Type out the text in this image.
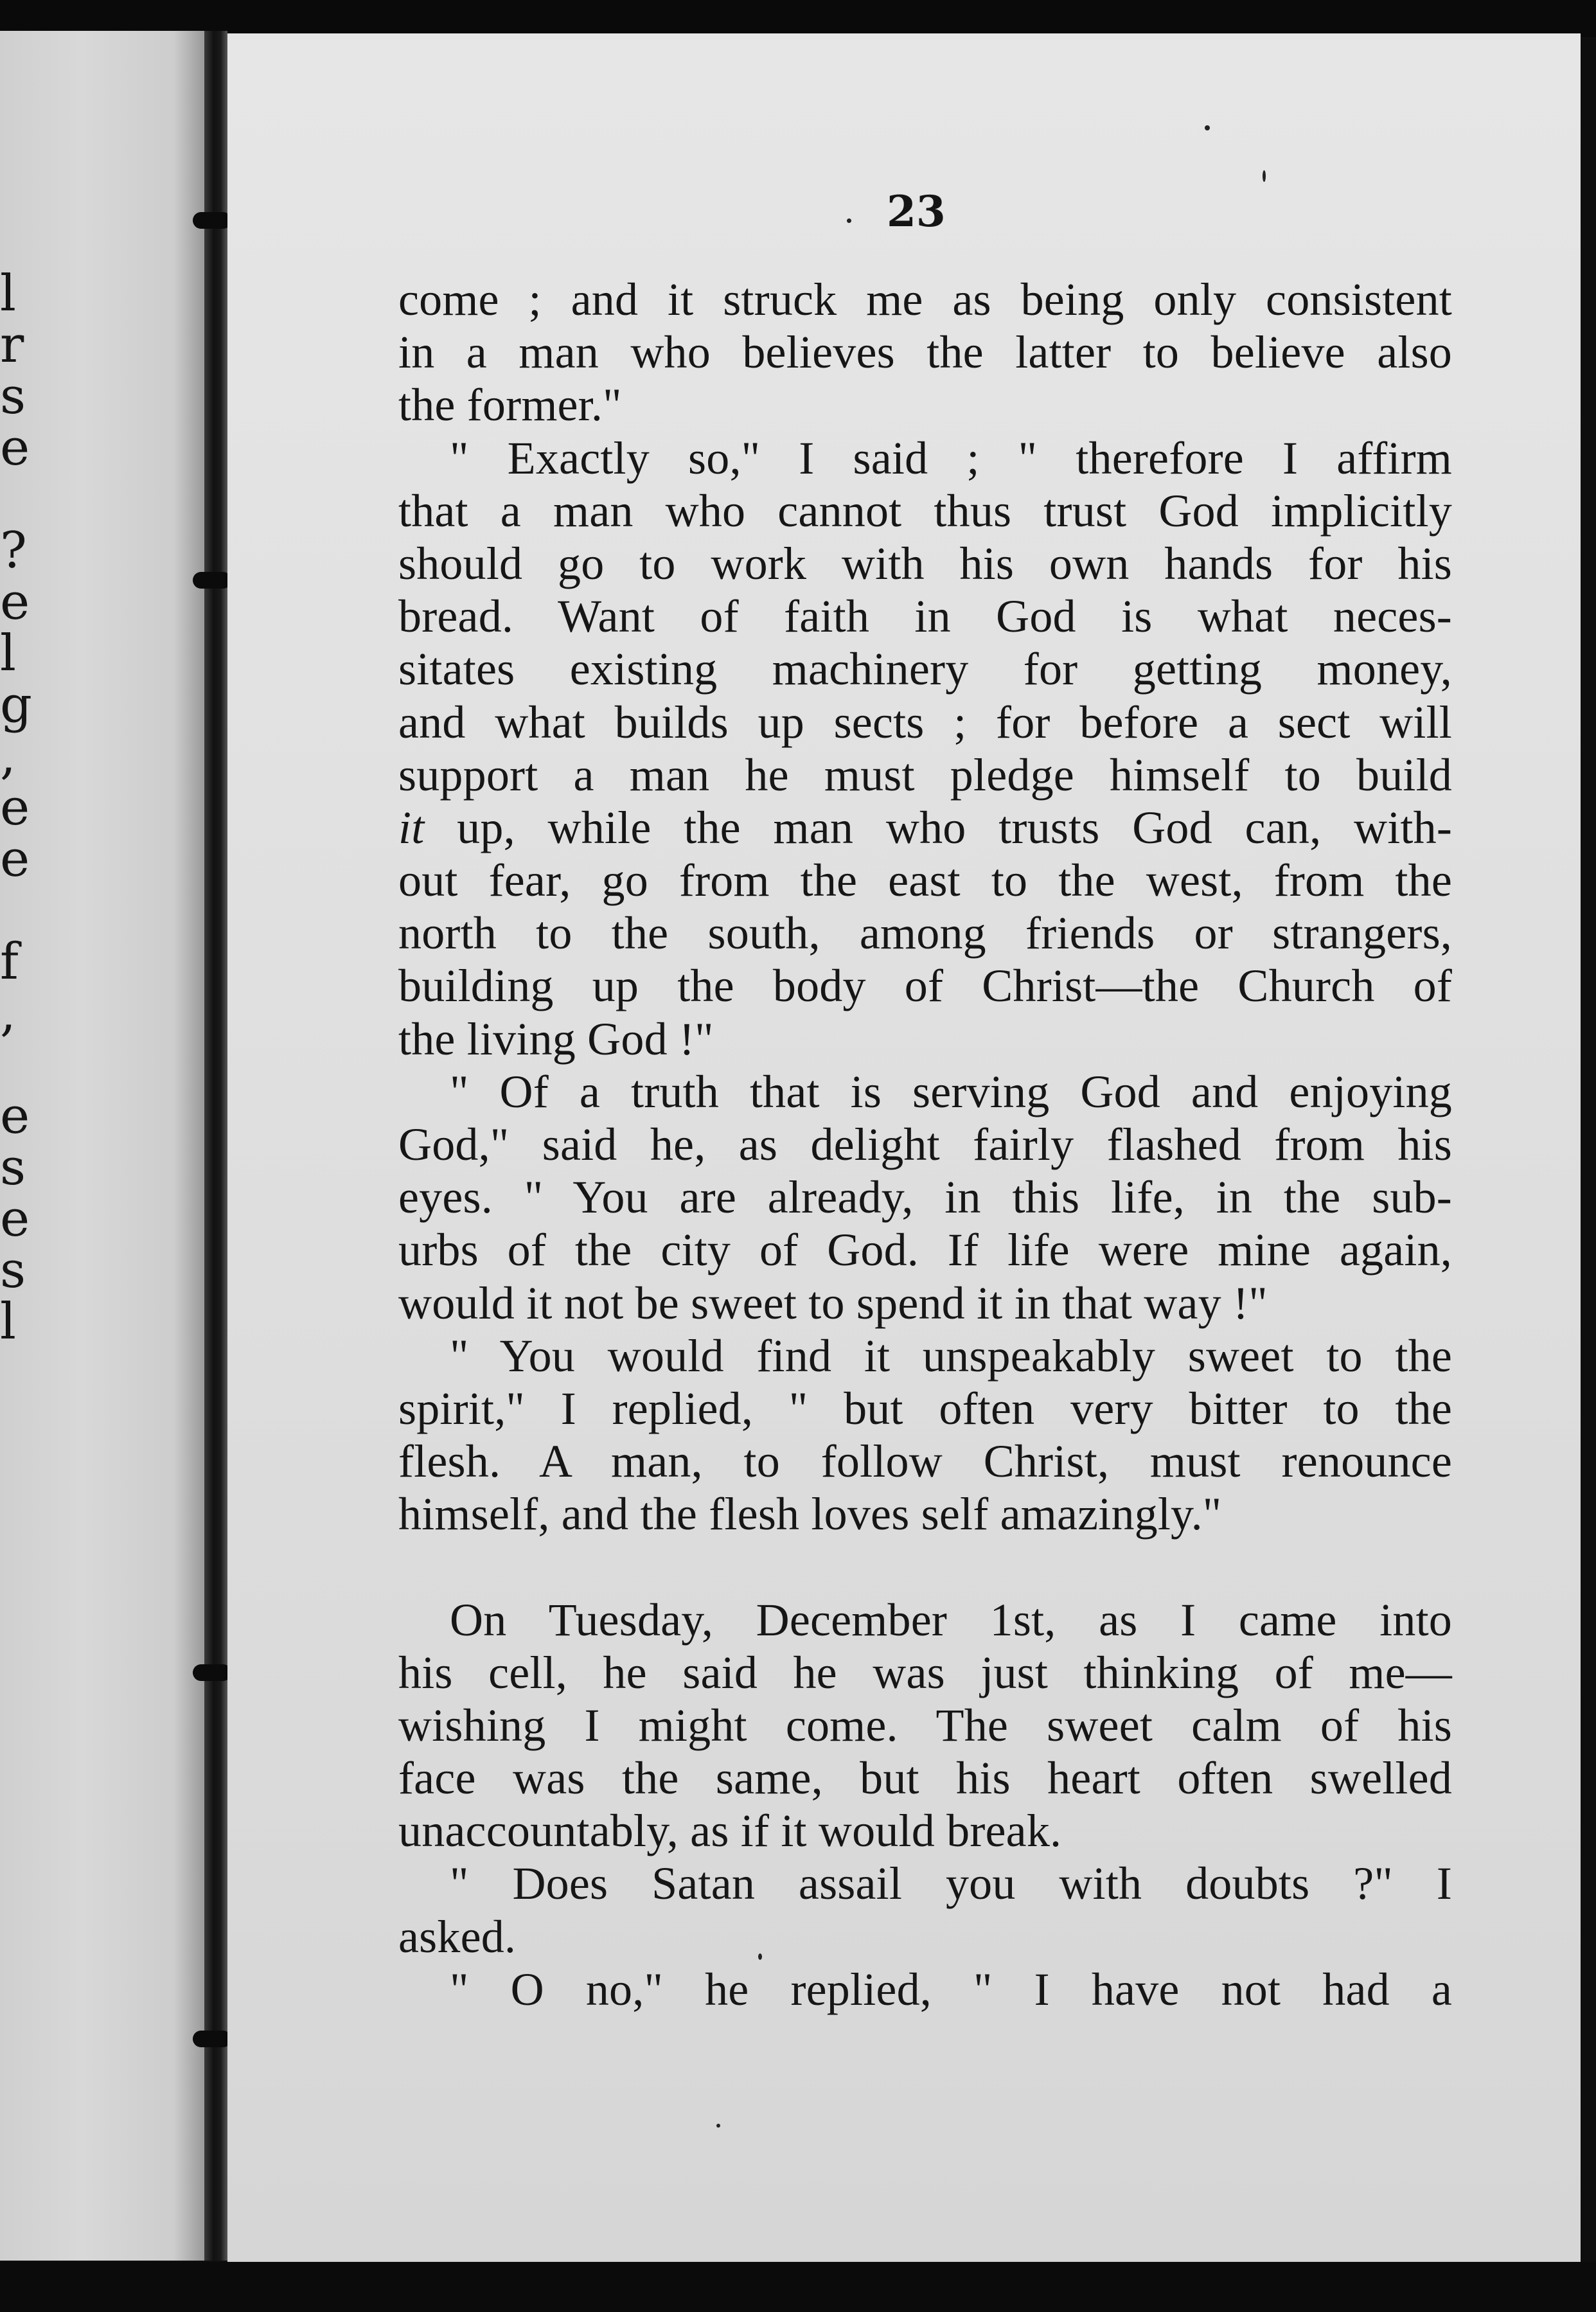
l
r
s
e
?
e
l
g
,
e
e
f
,
e
s
e
s
l
23
come ; and it struck me as being only consistent
in a man who believes the latter to believe also
the former."
" Exactly so," I said ; " therefore I affirm
that a man who cannot thus trust God implicitly
should go to work with his own hands for his
bread. Want of faith in God is what neces-
sitates existing machinery for getting money,
and what builds up sects ; for before a sect will
support a man he must pledge himself to build
it up, while the man who trusts God can, with-
out fear, go from the east to the west, from the
north to the south, among friends or strangers,
building up the body of Christ—the Church of
the living God !"
" Of a truth that is serving God and enjoying
God," said he, as delight fairly flashed from his
eyes. " You are already, in this life, in the sub-
urbs of the city of God. If life were mine again,
would it not be sweet to spend it in that way !"
" You would find it unspeakably sweet to the
spirit," I replied, " but often very bitter to the
flesh. A man, to follow Christ, must renounce
himself, and the flesh loves self amazingly."
On Tuesday, December 1st, as I came into
his cell, he said he was just thinking of me—
wishing I might come. The sweet calm of his
face was the same, but his heart often swelled
unaccountably, as if it would break.
" Does Satan assail you with doubts ?" I
asked.
" O no," he replied, " I have not had a
